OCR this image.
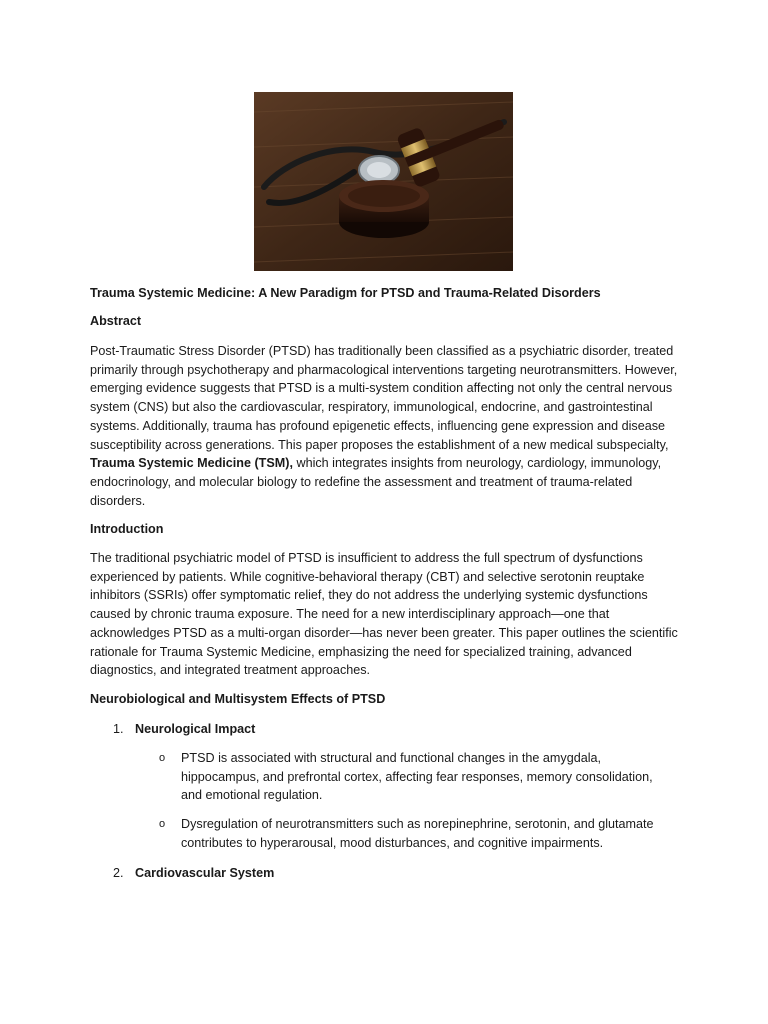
Trauma Systemic Medicine: A New Paradigm for PTSD and Trauma-Related Disorders

Abstract

Post-Traumatic Stress Disorder (PTSD) has traditionally been classified as a psychiatric disorder, treated primarily through psychotherapy and pharmacological interventions targeting neurotransmitters. However, emerging evidence suggests that PTSD is a multi-system condition affecting not only the central nervous system (CNS) but also the cardiovascular, respiratory, immunological, endocrine, and gastrointestinal systems. Additionally, trauma has profound epigenetic effects, influencing gene expression and disease susceptibility across generations. This paper proposes the establishment of a new medical subspecialty, Trauma Systemic Medicine (TSM), which integrates insights from neurology, cardiology, immunology, endocrinology, and molecular biology to redefine the assessment and treatment of trauma-related disorders.

Introduction

The traditional psychiatric model of PTSD is insufficient to address the full spectrum of dysfunctions experienced by patients. While cognitive-behavioral therapy (CBT) and selective serotonin reuptake inhibitors (SSRIs) offer symptomatic relief, they do not address the underlying systemic dysfunctions caused by chronic trauma exposure. The need for a new interdisciplinary approach—one that acknowledges PTSD as a multi-organ disorder—has never been greater. This paper outlines the scientific rationale for Trauma Systemic Medicine, emphasizing the need for specialized training, advanced diagnostics, and integrated treatment approaches.

Neurobiological and Multisystem Effects of PTSD

1. Neurological Impact
o PTSD is associated with structural and functional changes in the amygdala, hippocampus, and prefrontal cortex, affecting fear responses, memory consolidation, and emotional regulation.
o Dysregulation of neurotransmitters such as norepinephrine, serotonin, and glutamate contributes to hyperarousal, mood disturbances, and cognitive impairments.
2. Cardiovascular System
